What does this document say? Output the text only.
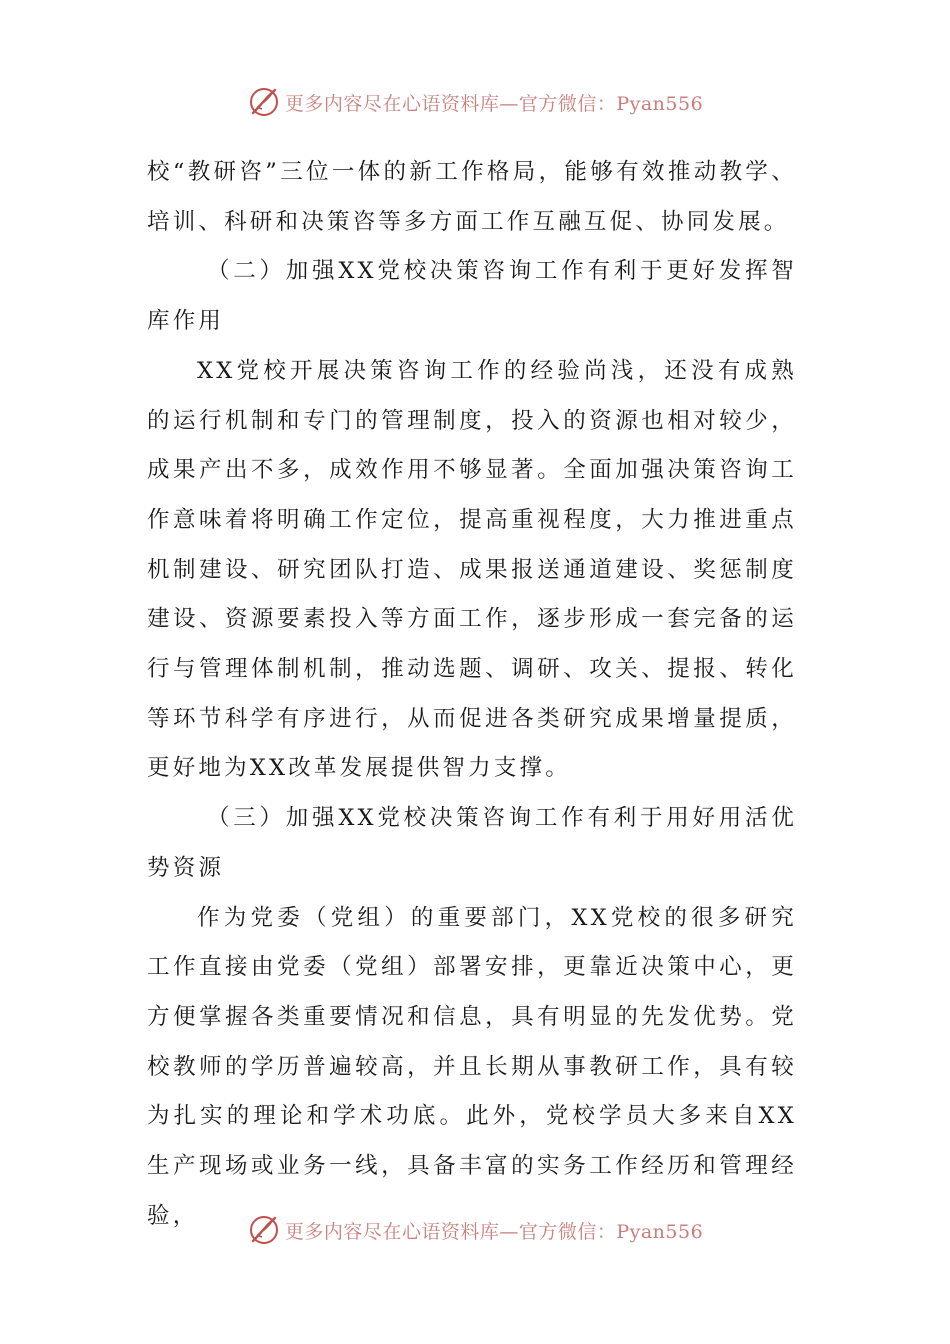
更多内容尽在心语资料库—官方微信：Pyan556

校“教研咨”三位一体的新工作格局，能够有效推动教学、培训、科研和决策咨等多方面工作互融互促、协同发展。

（二）加强XX党校决策咨询工作有利于更好发挥智库作用

XX党校开展决策咨询工作的经验尚浅，还没有成熟的运行机制和专门的管理制度，投入的资源也相对较少，成果产出不多，成效作用不够显著。全面加强决策咨询工作意味着将明确工作定位，提高重视程度，大力推进重点机制建设、研究团队打造、成果报送通道建设、奖惩制度建设、资源要素投入等方面工作，逐步形成一套完备的运行与管理体制机制，推动选题、调研、攻关、提报、转化等环节科学有序进行，从而促进各类研究成果增量提质，更好地为XX改革发展提供智力支撑。

（三）加强XX党校决策咨询工作有利于用好用活优势资源

作为党委（党组）的重要部门，XX党校的很多研究工作直接由党委（党组）部署安排，更靠近决策中心，更方便掌握各类重要情况和信息，具有明显的先发优势。党校教师的学历普遍较高，并且长期从事教研工作，具有较为扎实的理论和学术功底。此外，党校学员大多来自XX生产现场或业务一线，具备丰富的实务工作经历和管理经验，

更多内容尽在心语资料库—官方微信：Pyan556
